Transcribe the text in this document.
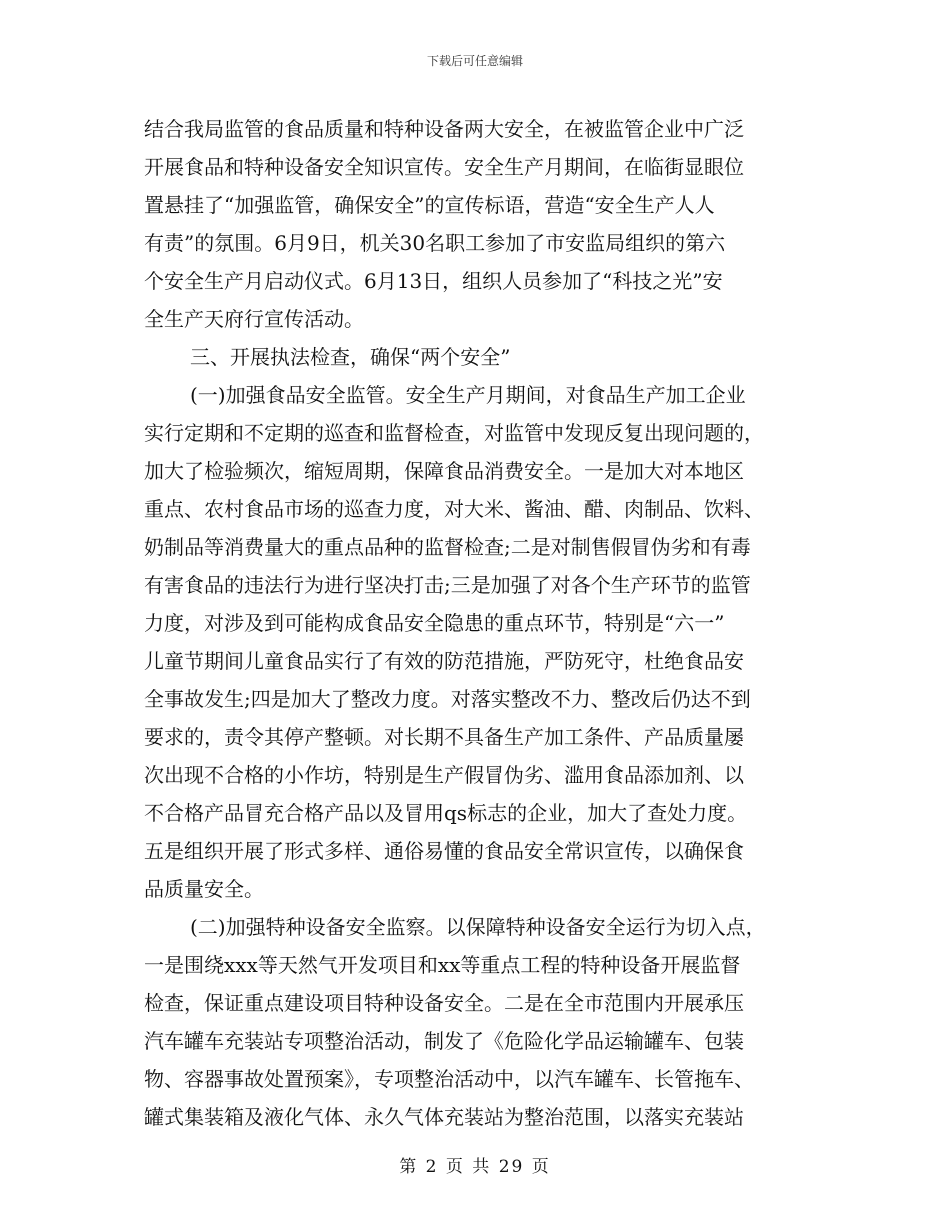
下载后可任意编辑
结合我局监管的食品质量和特种设备两大安全，在被监管企业中广泛
开展食品和特种设备安全知识宣传。安全生产月期间，在临街显眼位
置悬挂了“加强监管，确保安全”的宣传标语，营造“安全生产人人
有责”的氛围。6月9日，机关30名职工参加了市安监局组织的第六
个安全生产月启动仪式。6月13日，组织人员参加了“科技之光”安
全生产天府行宣传活动。
三、开展执法检查，确保“两个安全”
(一)加强食品安全监管。安全生产月期间，对食品生产加工企业
实行定期和不定期的巡查和监督检查，对监管中发现反复出现问题的，
加大了检验频次，缩短周期，保障食品消费安全。一是加大对本地区
重点、农村食品市场的巡查力度，对大米、酱油、醋、肉制品、饮料、
奶制品等消费量大的重点品种的监督检查;二是对制售假冒伪劣和有毒
有害食品的违法行为进行坚决打击;三是加强了对各个生产环节的监管
力度，对涉及到可能构成食品安全隐患的重点环节，特别是“六一”
儿童节期间儿童食品实行了有效的防范措施，严防死守，杜绝食品安
全事故发生;四是加大了整改力度。对落实整改不力、整改后仍达不到
要求的，责令其停产整顿。对长期不具备生产加工条件、产品质量屡
次出现不合格的小作坊，特别是生产假冒伪劣、滥用食品添加剂、以
不合格产品冒充合格产品以及冒用qs标志的企业，加大了查处力度。
五是组织开展了形式多样、通俗易懂的食品安全常识宣传，以确保食
品质量安全。
(二)加强特种设备安全监察。以保障特种设备安全运行为切入点，
一是围绕xxx等天然气开发项目和xx等重点工程的特种设备开展监督
检查，保证重点建设项目特种设备安全。二是在全市范围内开展承压
汽车罐车充装站专项整治活动，制发了《危险化学品运输罐车、包装
物、容器事故处置预案》，专项整治活动中，以汽车罐车、长管拖车、
罐式集装箱及液化气体、永久气体充装站为整治范围，以落实充装站
第 2 页 共 29 页
